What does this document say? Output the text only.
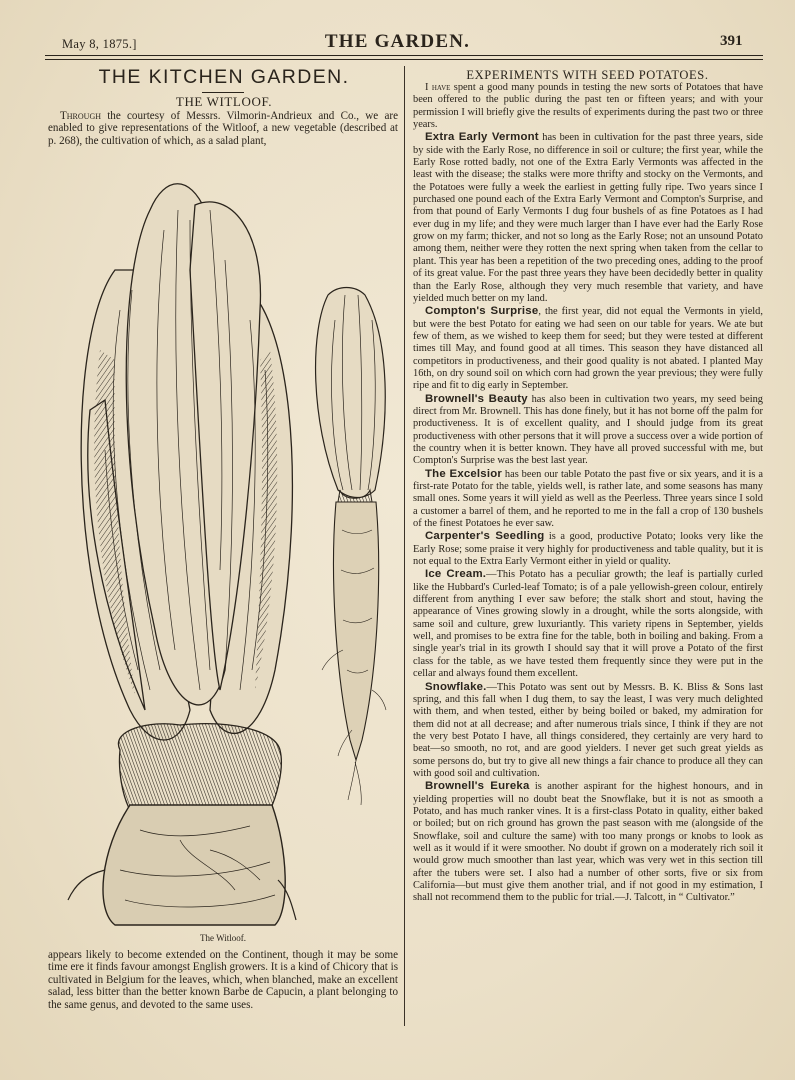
May 8, 1875.]	THE GARDEN.	391
THE KITCHEN GARDEN.
THE WITLOOF.
Through the courtesy of Messrs. Vilmorin-Andrieux and Co., we are enabled to give representations of the Witloof, a new vegetable (described at p. 268), the cultivation of which, as a salad plant,
The Witloof.
appears likely to become extended on the Continent, though it may be some time ere it finds favour amongst English growers. It is a kind of Chicory that is cultivated in Belgium for the leaves, which, when blanched, make an excellent salad, less bitter than the better known Barbe de Capucin, a plant belonging to the same genus, and devoted to the same uses.
EXPERIMENTS WITH SEED POTATOES.

I have spent a good many pounds in testing the new sorts of Potatoes that have been offered to the public during the past ten or fifteen years; and with your permission I will briefly give the results of experiments during the past two or three years.

Extra Early Vermont has been in cultivation for the past three years, side by side with the Early Rose, no difference in soil or culture; the first year, while the Early Rose rotted badly, not one of the Extra Early Vermonts was affected in the least with the disease; the stalks were more thrifty and stocky on the Vermonts, and the Potatoes were fully a week the earliest in getting fully ripe. Two years since I purchased one pound each of the Extra Early Vermont and Compton's Surprise, and from that pound of Early Vermonts I dug four bushels of as fine Potatoes as I had ever dug in my life; and they were much larger than I have ever had the Early Rose grow on my farm; thicker, and not so long as the Early Rose; not an unsound Potato among them, neither were they rotten the next spring when taken from the cellar to plant. This year has been a repetition of the two preceding ones, adding to the proof of its great value. For the past three years they have been decidedly better in quality than the Early Rose, although they very much resemble that variety, and have yielded much better on my land.

Compton's Surprise, the first year, did not equal the Vermonts in yield, but were the best Potato for eating we had seen on our table for years. We ate but few of them, as we wished to keep them for seed; but they were tested at different times till May, and found good at all times. This season they have distanced all competitors in productiveness, and their good quality is not abated. I planted May 16th, on dry sound soil on which corn had grown the year previous; they were fully ripe and fit to dig early in September.

Brownell's Beauty has also been in cultivation two years, my seed being direct from Mr. Brownell. This has done finely, but it has not borne off the palm for productiveness. It is of excellent quality, and I should judge from its great productiveness with other persons that it will prove a success over a wide portion of the country when it is better known. They have all proved successful with me, but Compton's Surprise was the best last year.

The Excelsior has been our table Potato the past five or six years, and it is a first-rate Potato for the table, yields well, is rather late, and some seasons has many small ones. Some years it will yield as well as the Peerless. Three years since I sold a customer a barrel of them, and he reported to me in the fall a crop of 130 bushels of the finest Potatoes he ever saw.

Carpenter's Seedling is a good, productive Potato; looks very like the Early Rose; some praise it very highly for productiveness and table quality, but it is not equal to the Extra Early Vermont either in yield or quality.

Ice Cream.—This Potato has a peculiar growth; the leaf is partially curled like the Hubbard's Curled-leaf Tomato; is of a pale yellowish-green colour, entirely different from anything I ever saw before; the stalk short and stout, having the appearance of Vines growing slowly in a drought, while the sorts alongside, with same soil and culture, grew luxuriantly. This variety ripens in September, yields well, and promises to be extra fine for the table, both in boiling and baking. From a single year's trial in its growth I should say that it will prove a Potato of the first class for the table, as we have tested them frequently since they were put in the cellar and always found them excellent.

Snowflake.—This Potato was sent out by Messrs. B. K. Bliss & Sons last spring, and this fall when I dug them, to say the least, I was very much delighted with them, and when tested, either by being boiled or baked, my admiration for them did not at all decrease; and after numerous trials since, I think if they are not the very best Potato I have, all things considered, they certainly are very hard to beat—so smooth, no rot, and are good yielders. I never get such great yields as some persons do, but try to give all new things a fair chance to produce all they can with good soil and cultivation.

Brownell's Eureka is another aspirant for the highest honours, and in yielding properties will no doubt beat the Snowflake, but it is not as smooth a Potato, and has much ranker vines. It is a first-class Potato in quality, either baked or boiled; but on rich ground has grown the past season with me (alongside of the Snowflake, soil and culture the same) with too many prongs or knobs to look as well as it would if it were smoother. No doubt if grown on a moderately rich soil it would grow much smoother than last year, which was very wet in this section till after the tubers were set. I also had a number of other sorts, five or six from California—but must give them another trial, and if not good in my estimation, I shall not recommend them to the public for trial.—J. Talcott, in “ Cultivator.”
